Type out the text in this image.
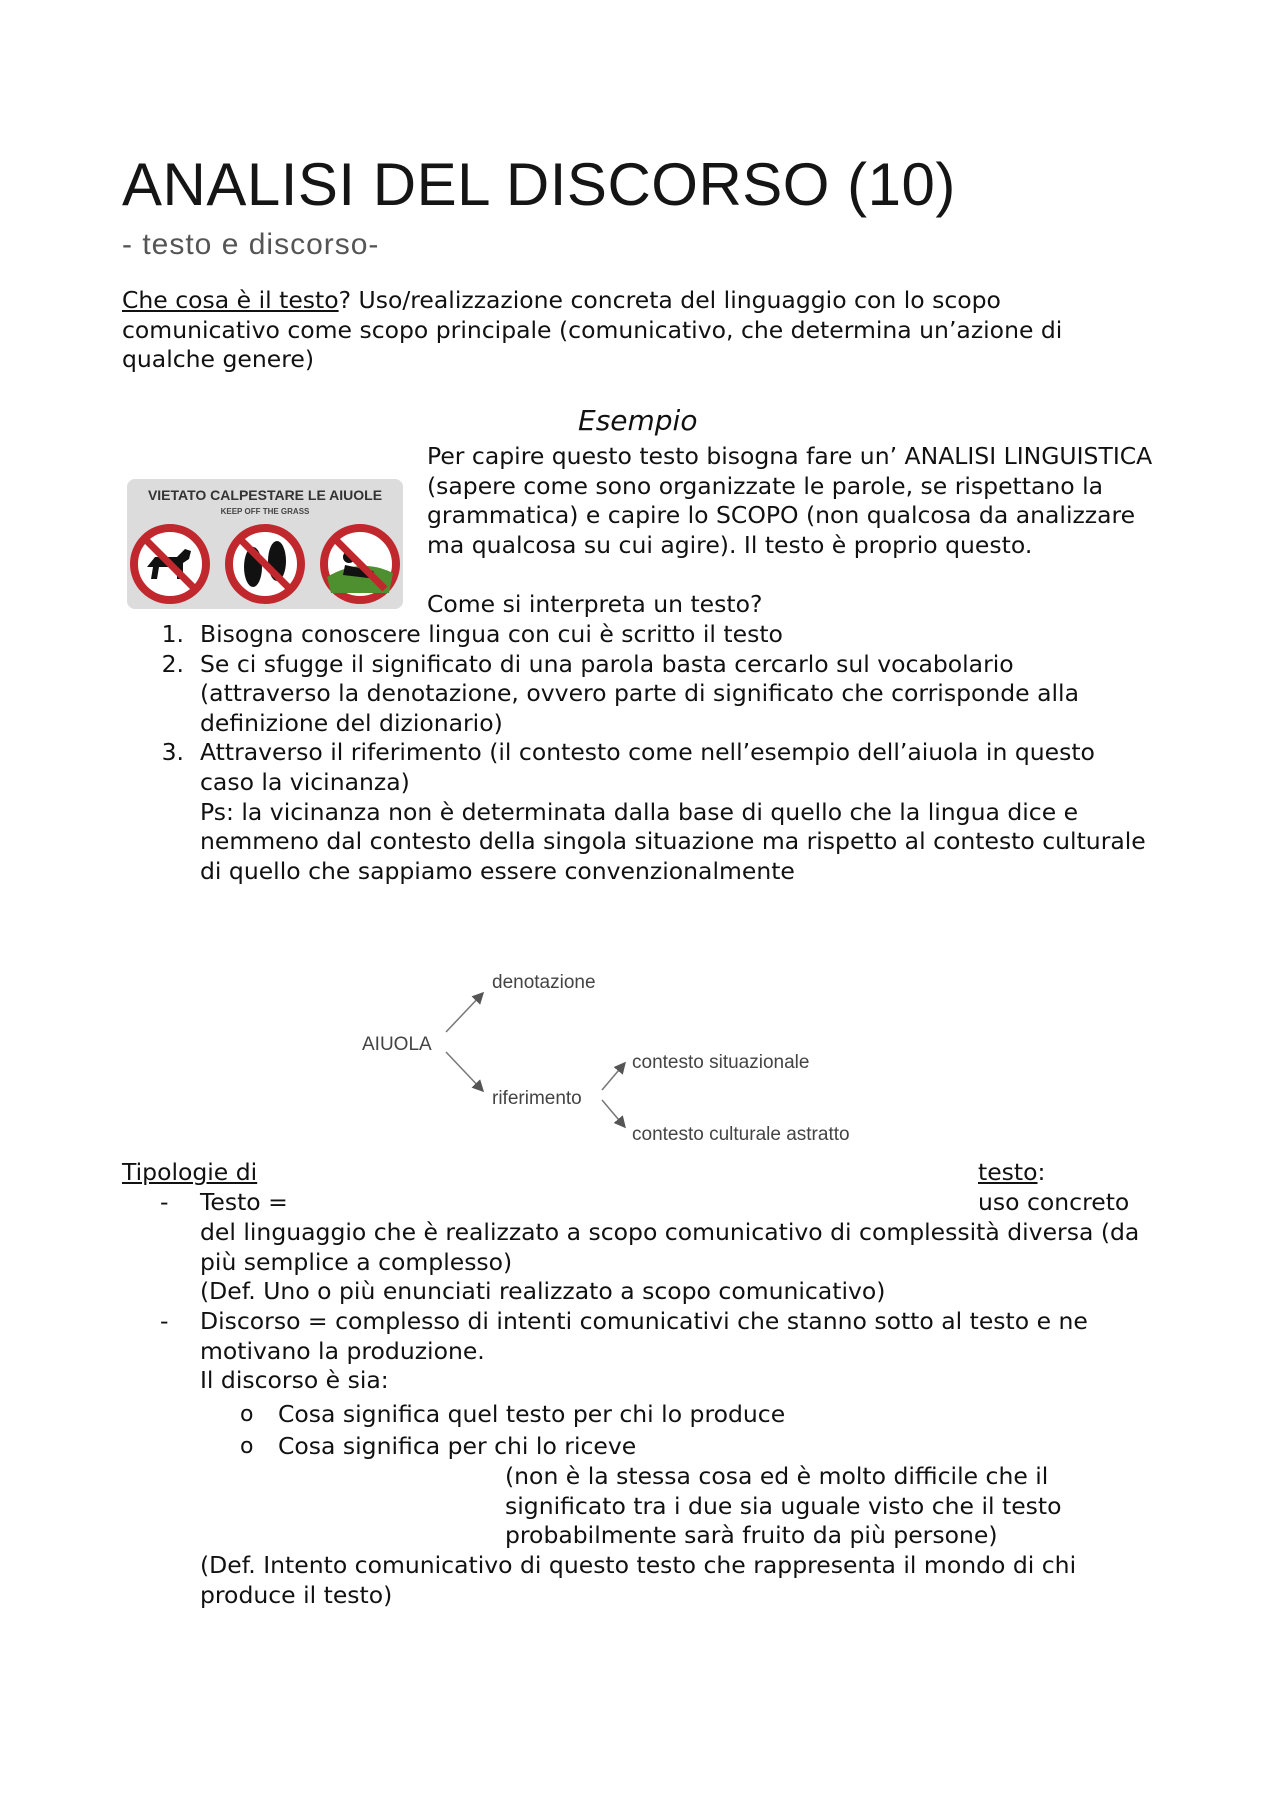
ANALISI DEL DISCORSO (10)
- testo e discorso-
Che cosa è il testo? Uso/realizzazione concreta del linguaggio con lo scopo
comunicativo come scopo principale (comunicativo, che determina un’azione di
qualche genere)
Esempio
VIETATO CALPESTARE LE AIUOLE
KEEP OFF THE GRASS
Per capire questo testo bisogna fare un’ ANALISI LINGUISTICA
(sapere come sono organizzate le parole, se rispettano la
grammatica) e capire lo SCOPO (non qualcosa da analizzare
ma qualcosa su cui agire). Il testo è proprio questo.
Come si interpreta un testo?
1. Bisogna conoscere lingua con cui è scritto il testo
2. Se ci sfugge il significato di una parola basta cercarlo sul vocabolario
(attraverso la denotazione, ovvero parte di significato che corrisponde alla
definizione del dizionario)
3. Attraverso il riferimento (il contesto come nell’esempio dell’aiuola in questo
caso la vicinanza)
Ps: la vicinanza non è determinata dalla base di quello che la lingua dice e
nemmeno dal contesto della singola situazione ma rispetto al contesto culturale
di quello che sappiamo essere convenzionalmente
AIUOLA
denotazione
riferimento
contesto situazionale
contesto culturale astratto
Tipologie di	testo:
- Testo =	uso concreto
del linguaggio che è realizzato a scopo comunicativo di complessità diversa (da
più semplice a complesso)
(Def. Uno o più enunciati realizzato a scopo comunicativo)
- Discorso = complesso di intenti comunicativi che stanno sotto al testo e ne
motivano la produzione.
Il discorso è sia:
o	Cosa significa quel testo per chi lo produce
o	Cosa significa per chi lo riceve
(non è la stessa cosa ed è molto difficile che il
significato tra i due sia uguale visto che il testo
probabilmente sarà fruito da più persone)
(Def. Intento comunicativo di questo testo che rappresenta il mondo di chi
produce il testo)
